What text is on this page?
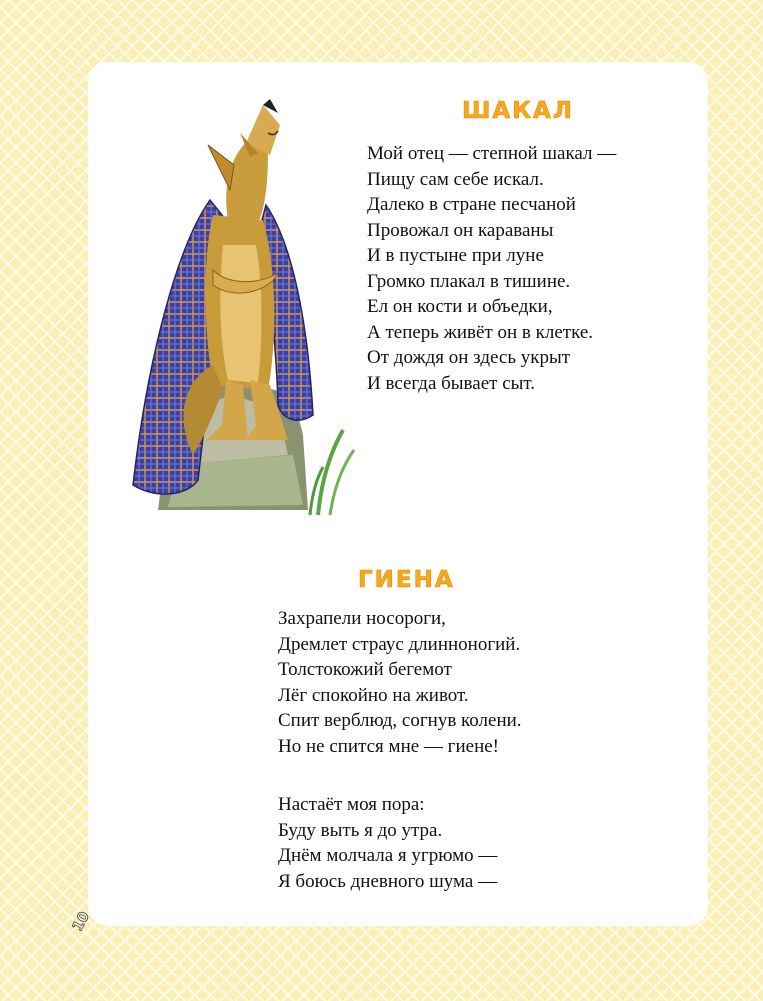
ШАКАЛ
Мой отец — степной шакал —
Пищу сам себе искал.
Далеко в стране песчаной
Провожал он караваны
И в пустыне при луне
Громко плакал в тишине.
Ел он кости и объедки,
А теперь живёт он в клетке.
От дождя он здесь укрыт
И всегда бывает сыт.
ГИЕНА
Захрапели носороги,
Дремлет страус длинноногий.
Толстокожий бегемот
Лёг спокойно на живот.
Спит верблюд, согнув колени.
Но не спится мне — гиене!
Настаёт моя пора:
Буду выть я до утра.
Днём молчала я угрюмо —
Я боюсь дневного шума —
10
